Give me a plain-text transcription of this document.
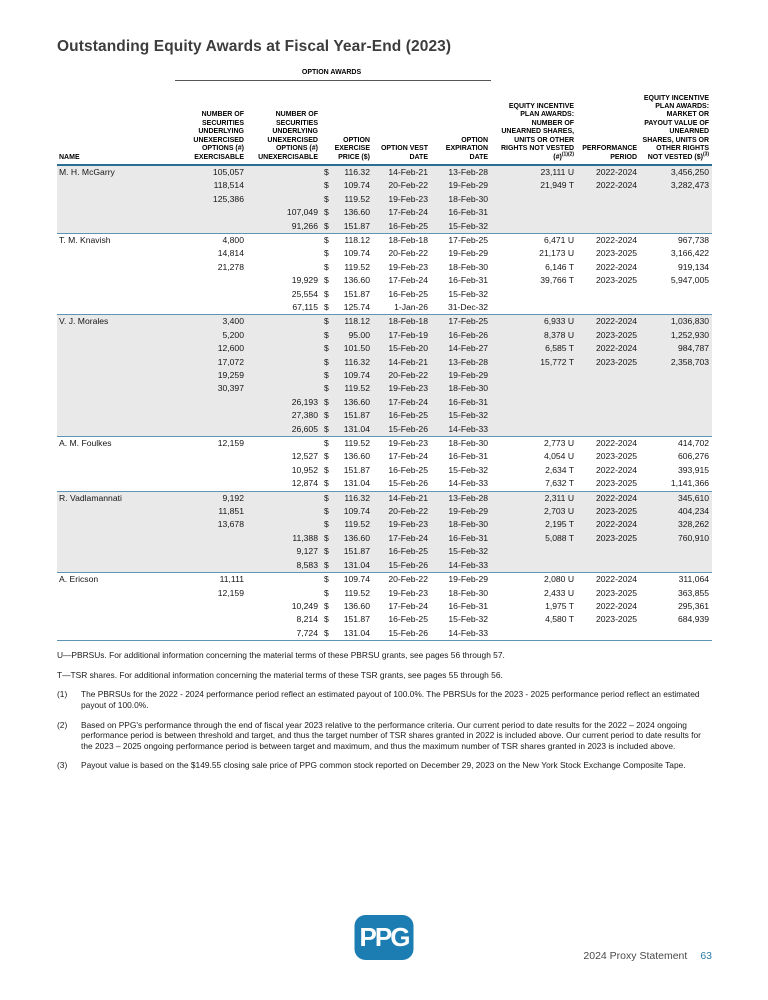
Outstanding Equity Awards at Fiscal Year-End (2023)
	OPTION AWARDS							
NAME	NUMBER OF SECURITIES UNDERLYING UNEXERCISED OPTIONS (#) EXERCISABLE	NUMBER OF SECURITIES UNDERLYING UNEXERCISED OPTIONS (#) UNEXERCISABLE	OPTION EXERCISE PRICE ($)	OPTION VEST DATE	OPTION EXPIRATION DATE	EQUITY INCENTIVE PLAN AWARDS: NUMBER OF UNEARNED SHARES, UNITS OR OTHER RIGHTS NOT VESTED (#)$^{(1)(2)}$	PERFORMANCE PERIOD	EQUITY INCENTIVE PLAN AWARDS: MARKET OR PAYOUT VALUE OF UNEARNED SHARES, UNITS OR OTHER RIGHTS NOT VESTED ($)$^{(3)}$
M. H. McGarry	105,057		$ 116.32	14-Feb-21	13-Feb-28	23,111 U	2022-2024	3,456,250
	118,514		$ 109.74	20-Feb-22	19-Feb-29	21,949 T	2022-2024	3,282,473
	125,386		$ 119.52	19-Feb-23	18-Feb-30			
		107,049	$ 136.60	17-Feb-24	16-Feb-31			
		91,266	$ 151.87	16-Feb-25	15-Feb-32			
T. M. Knavish	4,800		$ 118.12	18-Feb-18	17-Feb-25	6,471 U	2022-2024	967,738
	14,814		$ 109.74	20-Feb-22	19-Feb-29	21,173 U	2023-2025	3,166,422
	21,278		$ 119.52	19-Feb-23	18-Feb-30	6,146 T	2022-2024	919,134
		19,929	$ 136.60	17-Feb-24	16-Feb-31	39,766 T	2023-2025	5,947,005
		25,554	$ 151.87	16-Feb-25	15-Feb-32			
		67,115	$ 125.74	1-Jan-26	31-Dec-32			
V. J. Morales	3,400		$ 118.12	18-Feb-18	17-Feb-25	6,933 U	2022-2024	1,036,830
	5,200		$ 95.00	17-Feb-19	16-Feb-26	8,378 U	2023-2025	1,252,930
	12,600		$ 101.50	15-Feb-20	14-Feb-27	6,585 T	2022-2024	984,787
	17,072		$ 116.32	14-Feb-21	13-Feb-28	15,772 T	2023-2025	2,358,703
	19,259		$ 109.74	20-Feb-22	19-Feb-29			
	30,397		$ 119.52	19-Feb-23	18-Feb-30			
		26,193	$ 136.60	17-Feb-24	16-Feb-31			
		27,380	$ 151.87	16-Feb-25	15-Feb-32			
		26,605	$ 131.04	15-Feb-26	14-Feb-33			
A. M. Foulkes	12,159		$ 119.52	19-Feb-23	18-Feb-30	2,773 U	2022-2024	414,702
		12,527	$ 136.60	17-Feb-24	16-Feb-31	4,054 U	2023-2025	606,276
		10,952	$ 151.87	16-Feb-25	15-Feb-32	2,634 T	2022-2024	393,915
		12,874	$ 131.04	15-Feb-26	14-Feb-33	7,632 T	2023-2025	1,141,366
R. Vadlamannati	9,192		$ 116.32	14-Feb-21	13-Feb-28	2,311 U	2022-2024	345,610
	11,851		$ 109.74	20-Feb-22	19-Feb-29	2,703 U	2023-2025	404,234
	13,678		$ 119.52	19-Feb-23	18-Feb-30	2,195 T	2022-2024	328,262
		11,388	$ 136.60	17-Feb-24	16-Feb-31	5,088 T	2023-2025	760,910
		9,127	$ 151.87	16-Feb-25	15-Feb-32			
		8,583	$ 131.04	15-Feb-26	14-Feb-33			
A. Ericson	11,111		$ 109.74	20-Feb-22	19-Feb-29	2,080 U	2022-2024	311,064
	12,159		$ 119.52	19-Feb-23	18-Feb-30	2,433 U	2023-2025	363,855
		10,249	$ 136.60	17-Feb-24	16-Feb-31	1,975 T	2022-2024	295,361
		8,214	$ 151.87	16-Feb-25	15-Feb-32	4,580 T	2023-2025	684,939
		7,724	$ 131.04	15-Feb-26	14-Feb-33			

U—PBRSUs. For additional information concerning the material terms of these PBRSU grants, see pages 56 through 57.

T—TSR shares. For additional information concerning the material terms of these TSR grants, see pages 55 through 56.

(1)	The PBRSUs for the 2022 - 2024 performance period reflect an estimated payout of 100.0%. The PBRSUs for the 2023 - 2025 performance period reflect an estimated payout of 100.0%.
(2)	Based on PPG's performance through the end of fiscal year 2023 relative to the performance criteria. Our current period to date results for the 2022 – 2024 ongoing performance period is between threshold and target, and thus the target number of TSR shares granted in 2022 is included above. Our current period to date results for the 2023 – 2025 ongoing performance period is between target and maximum, and thus the maximum number of TSR shares granted in 2023 is included above.
(3)	Payout value is based on the $149.55 closing sale price of PPG common stock reported on December 29, 2023 on the New York Stock Exchange Composite Tape.
PPG
2024 Proxy Statement 63
